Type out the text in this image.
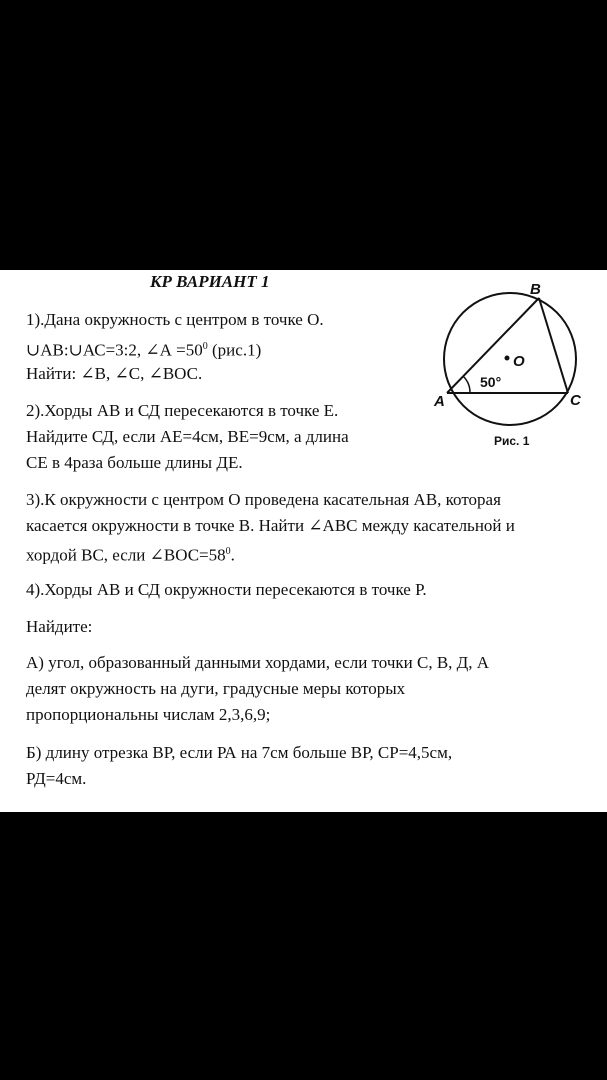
КР ВАРИАНТ 1
1).Дана окружность с центром в точке О.
∪АВ:∪АС=3:2, ∠А $=50^0$ (рис.1)
Найти: ∠В, ∠С, ∠ВОС.
2).Хорды АВ и СД пересекаются в точке Е.
Найдите СД, если АЕ=4см, ВЕ=9см, а длина
СЕ в 4раза больше длины ДЕ.
3).К окружности с центром О проведена касательная АВ, которая
касается окружности в точке В. Найти ∠АВС между касательной и
хордой ВС, если $\angle ВОС=58^0$.
4).Хорды АВ и СД окружности пересекаются в точке Р.
Найдите:
А) угол, образованный данными хордами, если точки С, В, Д, А
делят окружность на дуги, градусные меры которых
пропорциональны числам 2,3,6,9;
Б) длину отрезка ВР, если РА на 7см больше ВР, СР=4,5см,
РД=4см.
B
A	C
O
50°
Рис. 1
